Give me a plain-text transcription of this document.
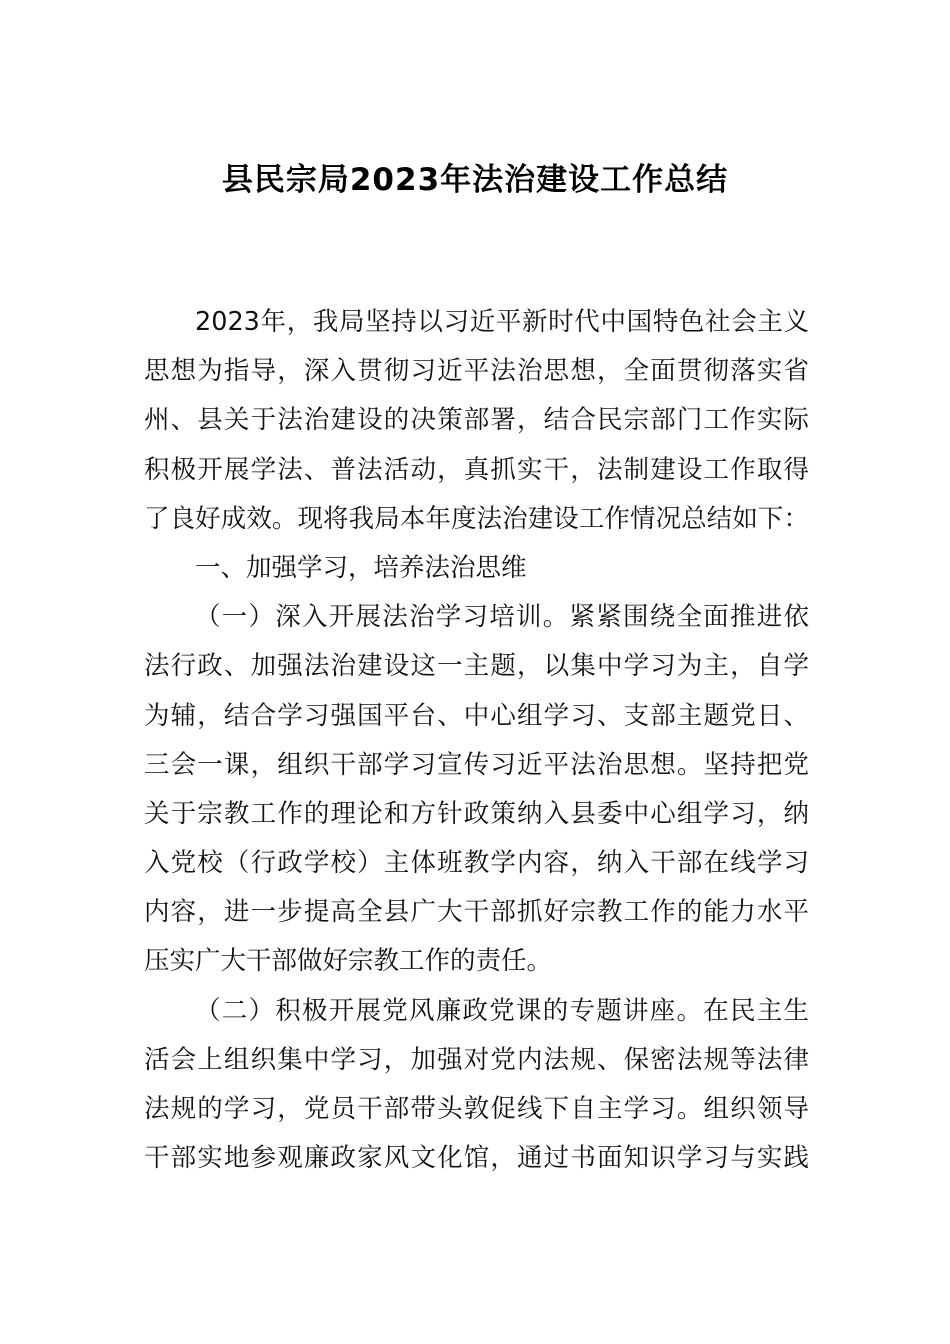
县民宗局2023年法治建设工作总结
2023年，我局坚持以习近平新时代中国特色社会主义
思想为指导，深入贯彻习近平法治思想，全面贯彻落实省
州、县关于法治建设的决策部署，结合民宗部门工作实际
积极开展学法、普法活动，真抓实干，法制建设工作取得
了良好成效。现将我局本年度法治建设工作情况总结如下：
一、加强学习，培养法治思维
（一）深入开展法治学习培训。紧紧围绕全面推进依
法行政、加强法治建设这一主题，以集中学习为主，自学
为辅，结合学习强国平台、中心组学习、支部主题党日、
三会一课，组织干部学习宣传习近平法治思想。坚持把党
关于宗教工作的理论和方针政策纳入县委中心组学习，纳
入党校（行政学校）主体班教学内容，纳入干部在线学习
内容，进一步提高全县广大干部抓好宗教工作的能力水平
压实广大干部做好宗教工作的责任。
（二）积极开展党风廉政党课的专题讲座。在民主生
活会上组织集中学习，加强对党内法规、保密法规等法律
法规的学习，党员干部带头敦促线下自主学习。组织领导
干部实地参观廉政家风文化馆，通过书面知识学习与实践
